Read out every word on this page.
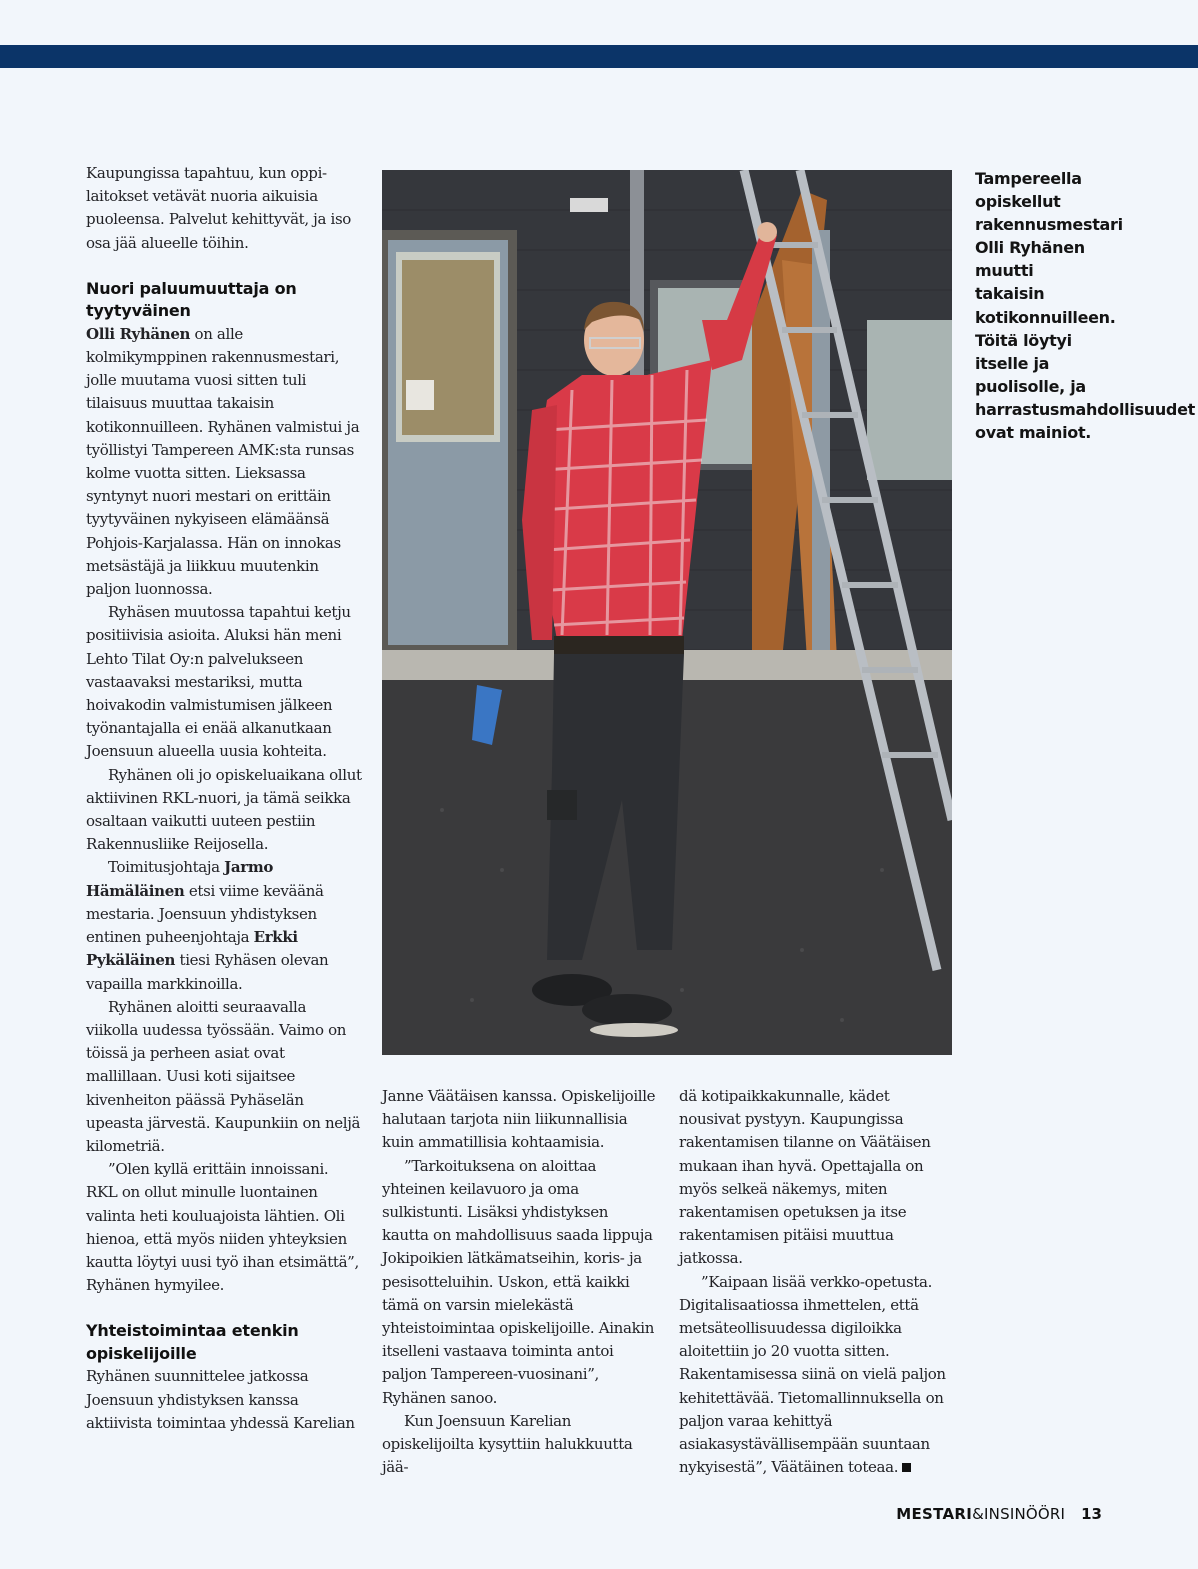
Kaupungissa tapahtuu, kun oppilaitokset vetävät nuoria aikuisia puoleensa. Palvelut kehittyvät, ja iso osa jää alueelle töihin.

Nuori paluumuuttaja on tyytyväinen

Olli Ryhänen on alle kolmikymppinen rakennusmestari, jolle muutama vuosi sitten tuli tilaisuus muuttaa takaisin kotikonnuilleen. Ryhänen valmistui ja työllistyi Tampereen AMK:sta runsas kolme vuotta sitten. Lieksassa syntynyt nuori mestari on erittäin tyytyväinen nykyiseen elämäänsä Pohjois-Karjalassa. Hän on innokas metsästäjä ja liikkuu muutenkin paljon luonnossa.

Ryhäsen muutossa tapahtui ketju positiivisia asioita. Aluksi hän meni Lehto Tilat Oy:n palvelukseen vastaavaksi mestariksi, mutta hoivakodin valmistumisen jälkeen työnantajalla ei enää alkanutkaan Joensuun alueella uusia kohteita.

Ryhänen oli jo opiskeluaikana ollut aktiivinen RKL-nuori, ja tämä seikka osaltaan vaikutti uuteen pestiin Rakennusliike Reijosella.

Toimitusjohtaja Jarmo Hämäläinen etsi viime keväänä mestaria. Joensuun yhdistyksen entinen puheenjohtaja Erkki Pykäläinen tiesi Ryhäsen olevan vapailla markkinoilla.

Ryhänen aloitti seuraavalla viikolla uudessa työssään. Vaimo on töissä ja perheen asiat ovat mallillaan. Uusi koti sijaitsee kivenheiton päässä Pyhäselän upeasta järvestä. Kaupunkiin on neljä kilometriä.

”Olen kyllä erittäin innoissani. RKL on ollut minulle luontainen valinta heti kouluajoista lähtien. Oli hienoa, että myös niiden yhteyksien kautta löytyi uusi työ ihan etsimättä”, Ryhänen hymyilee.

Yhteistoimintaa etenkin opiskelijoille

Ryhänen suunnittelee jatkossa Joensuun yhdistyksen kanssa aktiivista toimintaa yhdessä Karelian

Tampereella opiskellut rakennusmestari Olli Ryhänen muutti takaisin kotikonnuilleen. Töitä löytyi itselle ja puolisolle, ja harrastusmahdollisuudet ovat mainiot.

Janne Väätäisen kanssa. Opiskelijoille halutaan tarjota niin liikunnallisia kuin ammatillisia kohtaamisia.

”Tarkoituksena on aloittaa yhteinen keilavuoro ja oma sulkistunti. Lisäksi yhdistyksen kautta on mahdollisuus saada lippuja Jokipoikien lätkämatseihin, koris- ja pesisotteluihin. Uskon, että kaikki tämä on varsin mielekästä yhteistoimintaa opiskelijoille. Ainakin itselleni vastaava toiminta antoi paljon Tampereen-vuosinani”, Ryhänen sanoo.

Kun Joensuun Karelian opiskelijoilta kysyttiin halukkuutta jää-

dä kotipaikkakunnalle, kädet nousivat pystyyn. Kaupungissa rakentamisen tilanne on Väätäisen mukaan ihan hyvä. Opettajalla on myös selkeä näkemys, miten rakentamisen opetuksen ja itse rakentamisen pitäisi muuttua jatkossa.

”Kaipaan lisää verkko-opetusta. Digitalisaatiossa ihmettelen, että metsäteollisuudessa digiloikka aloitettiin jo 20 vuotta sitten. Rakentamisessa siinä on vielä paljon kehitettävää. Tietomallinnuksella on paljon varaa kehittyä asiakasystävällisempään suuntaan nykyisestä”, Väätäinen toteaa.

MESTARI&INSINÖÖRI 13
